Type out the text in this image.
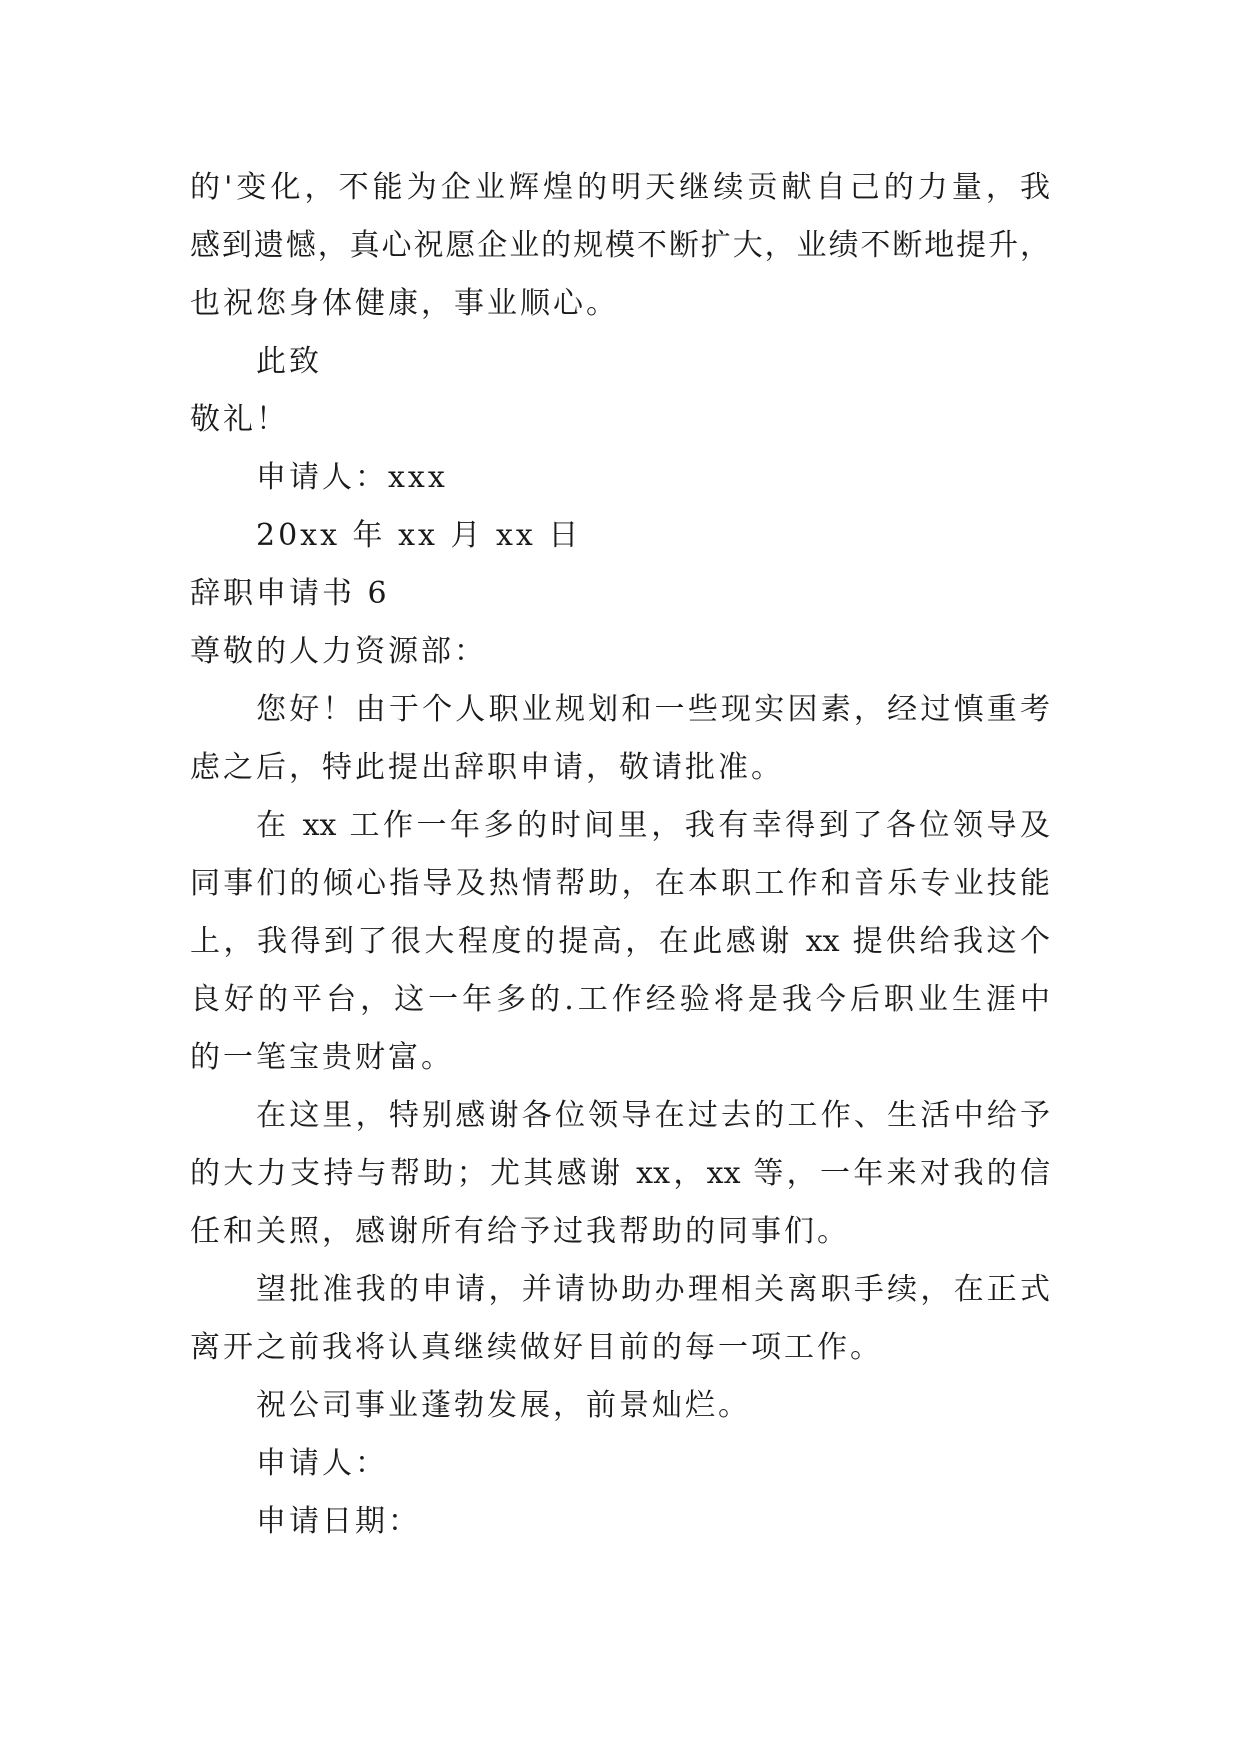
的'变化，不能为企业辉煌的明天继续贡献自己的力量，我
感到遗憾，真心祝愿企业的规模不断扩大，业绩不断地提升，
也祝您身体健康，事业顺心。
此致
敬礼！
申请人：xxx
20xx 年 xx 月 xx 日
辞职申请书 6
尊敬的人力资源部：
您好！由于个人职业规划和一些现实因素，经过慎重考
虑之后，特此提出辞职申请，敬请批准。
在 xx 工作一年多的时间里，我有幸得到了各位领导及
同事们的倾心指导及热情帮助，在本职工作和音乐专业技能
上，我得到了很大程度的提高，在此感谢 xx 提供给我这个
良好的平台，这一年多的.工作经验将是我今后职业生涯中
的一笔宝贵财富。
在这里，特别感谢各位领导在过去的工作、生活中给予
的大力支持与帮助；尤其感谢 xx，xx 等，一年来对我的信
任和关照，感谢所有给予过我帮助的同事们。
望批准我的申请，并请协助办理相关离职手续，在正式
离开之前我将认真继续做好目前的每一项工作。
祝公司事业蓬勃发展，前景灿烂。
申请人：
申请日期：
